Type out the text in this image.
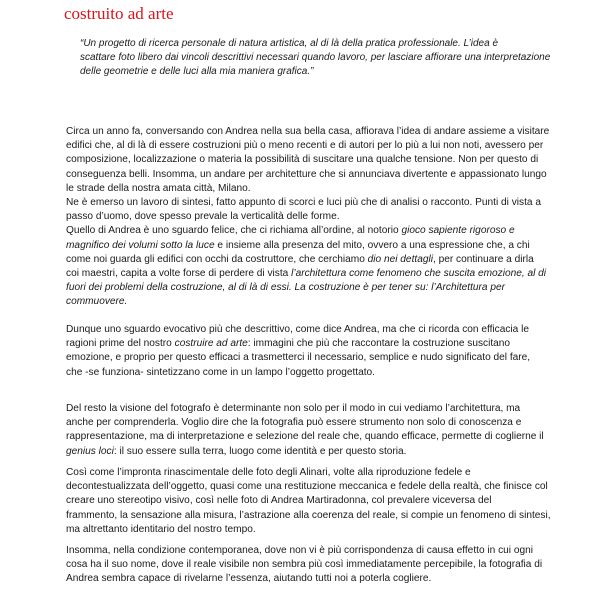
costruito ad arte
“Un progetto di ricerca personale di natura artistica, al di là della pratica professionale. L’idea è
scattare foto libero dai vincoli descrittivi necessari quando lavoro, per lasciare affiorare una interpretazione
delle geometrie e delle luci alla mia maniera grafica.”
Circa un anno fa, conversando con Andrea nella sua bella casa, affiorava l’idea di andare assieme a visitare
edifici che, al di là di essere costruzioni più o meno recenti e di autori per lo più a lui non noti, avessero per
composizione, localizzazione o materia la possibilità di suscitare una qualche tensione. Non per questo di
conseguenza belli. Insomma, un andare per architetture che si annunciava divertente e appassionato lungo
le strade della nostra amata città, Milano.
Ne è emerso un lavoro di sintesi, fatto appunto di scorci e luci più che di analisi o racconto. Punti di vista a
passo d’uomo, dove spesso prevale la verticalità delle forme.
Quello di Andrea è uno sguardo felice, che ci richiama all’ordine, al notorio gioco sapiente rigoroso e
magnifico dei volumi sotto la luce e insieme alla presenza del mito, ovvero a una espressione che, a chi
come noi guarda gli edifici con occhi da costruttore, che cerchiamo dio nei dettagli, per continuare a dirla
coi maestri, capita a volte forse di perdere di vista l’architettura come fenomeno che suscita emozione, al di
fuori dei problemi della costruzione, al di là di essi. La costruzione è per tener su: l’Architettura per
commuovere.
Dunque uno sguardo evocativo più che descrittivo, come dice Andrea, ma che ci ricorda con efficacia le
ragioni prime del nostro costruire ad arte: immagini che più che raccontare la costruzione suscitano
emozione, e proprio per questo efficaci a trasmetterci il necessario, semplice e nudo significato del fare,
che -se funziona- sintetizzano come in un lampo l’oggetto progettato.
Del resto la visione del fotografo è determinante non solo per il modo in cui vediamo l’architettura, ma
anche per comprenderla. Voglio dire che la fotografia può essere strumento non solo di conoscenza e
rappresentazione, ma di interpretazione e selezione del reale che, quando efficace, permette di coglierne il
genius loci: il suo essere sulla terra, luogo come identità e per questo storia.
Così come l’impronta rinascimentale delle foto degli Alinari, volte alla riproduzione fedele e
decontestualizzata dell’oggetto, quasi come una restituzione meccanica e fedele della realtà, che finisce col
creare uno stereotipo visivo, così nelle foto di Andrea Martiradonna, col prevalere viceversa del
frammento, la sensazione alla misura, l’astrazione alla coerenza del reale, si compie un fenomeno di sintesi,
ma altrettanto identitario del nostro tempo.
Insomma, nella condizione contemporanea, dove non vi è più corrispondenza di causa effetto in cui ogni
cosa ha il suo nome, dove il reale visibile non sembra più così immediatamente percepibile, la fotografia di
Andrea sembra capace di rivelarne l’essenza, aiutando tutti noi a poterla cogliere.
